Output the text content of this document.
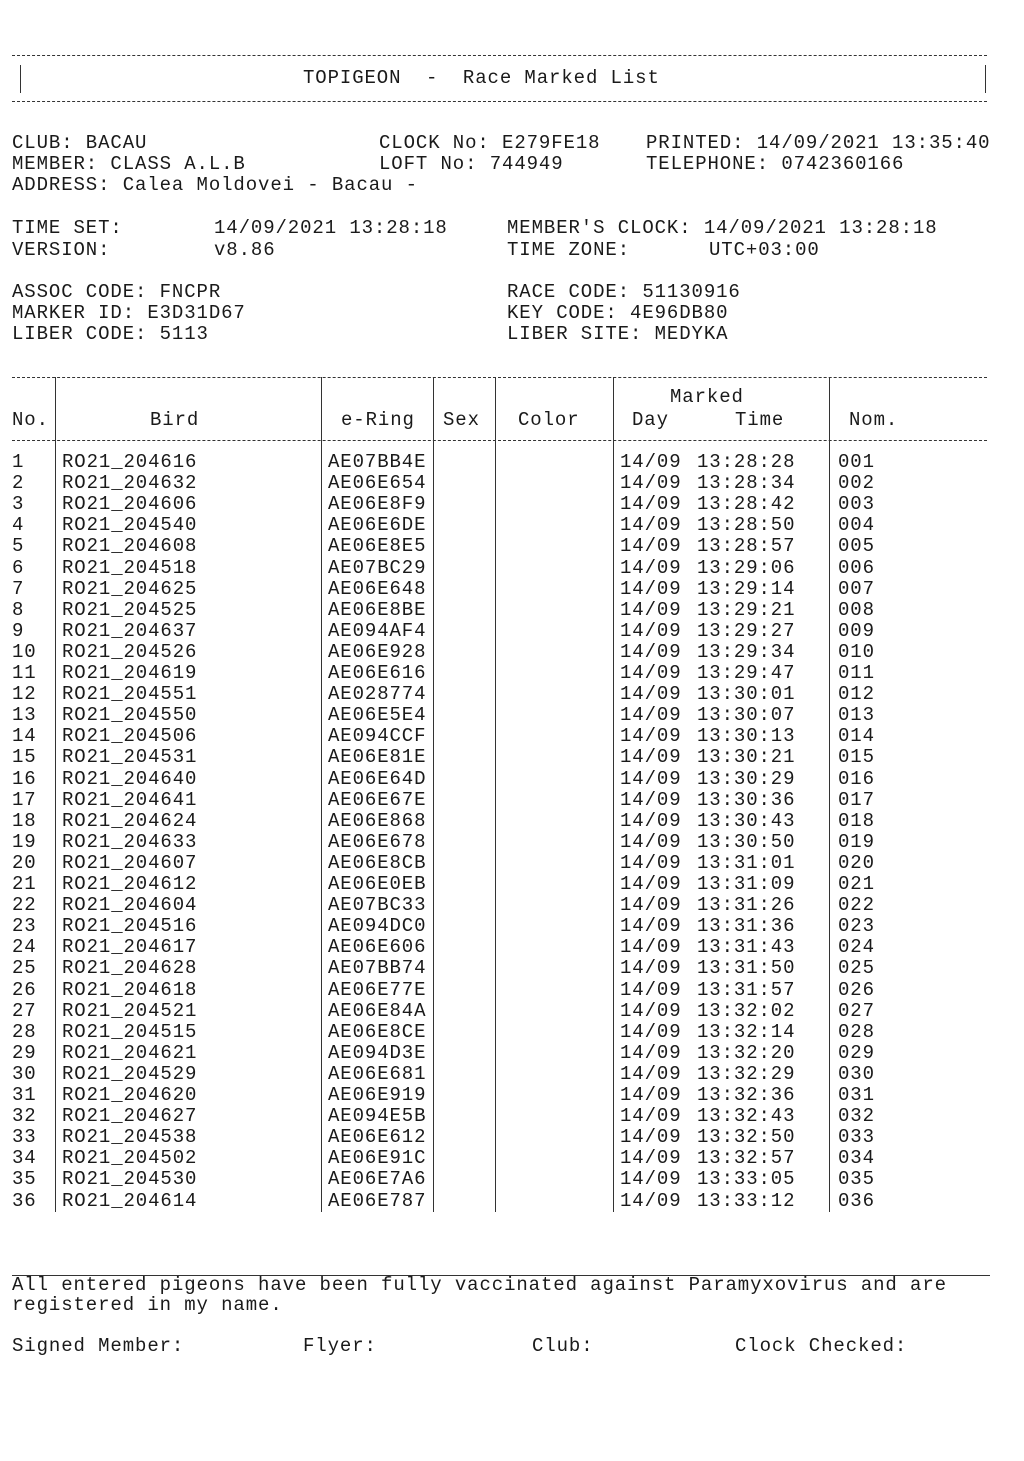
TOPIGEON  -  Race Marked List
CLUB: BACAU
MEMBER: CLASS A.L.B
ADDRESS: Calea Moldovei - Bacau -
CLOCK No: E279FE18
LOFT No: 744949
PRINTED: 14/09/2021 13:35:40
TELEPHONE: 0742360166
TIME SET:	14/09/2021 13:28:18
VERSION:	v8.86
MEMBER'S CLOCK: 14/09/2021 13:28:18
TIME ZONE:	UTC+03:00
ASSOC CODE: FNCPR
MARKER ID: E3D31D67
LIBER CODE: 5113
RACE CODE: 51130916
KEY CODE: 4E96DB80
LIBER SITE: MEDYKA
No.	Bird	e-Ring Sex Color
Marked
Day	Time	Nom.
1 RO21_204616	AE07BB4E	14/09 13:28:28 001
2 RO21_204632	AE06E654	14/09 13:28:34 002
3 RO21_204606	AE06E8F9	14/09 13:28:42 003
4 RO21_204540	AE06E6DE	14/09 13:28:50 004
5 RO21_204608	AE06E8E5	14/09 13:28:57 005
6 RO21_204518	AE07BC29	14/09 13:29:06 006
7 RO21_204625	AE06E648	14/09 13:29:14 007
8 RO21_204525	AE06E8BE	14/09 13:29:21 008
9 RO21_204637	AE094AF4	14/09 13:29:27 009
10 RO21_204526	AE06E928	14/09 13:29:34 010
11 RO21_204619	AE06E616	14/09 13:29:47 011
12 RO21_204551	AE028774	14/09 13:30:01 012
13 RO21_204550	AE06E5E4	14/09 13:30:07 013
14 RO21_204506	AE094CCF	14/09 13:30:13 014
15 RO21_204531	AE06E81E	14/09 13:30:21 015
16 RO21_204640	AE06E64D	14/09 13:30:29 016
17 RO21_204641	AE06E67E	14/09 13:30:36 017
18 RO21_204624	AE06E868	14/09 13:30:43 018
19 RO21_204633	AE06E678	14/09 13:30:50 019
20 RO21_204607	AE06E8CB	14/09 13:31:01 020
21 RO21_204612	AE06E0EB	14/09 13:31:09 021
22 RO21_204604	AE07BC33	14/09 13:31:26 022
23 RO21_204516	AE094DC0	14/09 13:31:36 023
24 RO21_204617	AE06E606	14/09 13:31:43 024
25 RO21_204628	AE07BB74	14/09 13:31:50 025
26 RO21_204618	AE06E77E	14/09 13:31:57 026
27 RO21_204521	AE06E84A	14/09 13:32:02 027
28 RO21_204515	AE06E8CE	14/09 13:32:14 028
29 RO21_204621	AE094D3E	14/09 13:32:20 029
30 RO21_204529	AE06E681	14/09 13:32:29 030
31 RO21_204620	AE06E919	14/09 13:32:36 031
32 RO21_204627	AE094E5B	14/09 13:32:43 032
33 RO21_204538	AE06E612	14/09 13:32:50 033
34 RO21_204502	AE06E91C	14/09 13:32:57 034
35 RO21_204530	AE06E7A6	14/09 13:33:05 035
36 RO21_204614	AE06E787	14/09 13:33:12 036
All entered pigeons have been fully vaccinated against Paramyxovirus and are
registered in my name.
Signed Member:	Flyer:	Club:	Clock Checked:
